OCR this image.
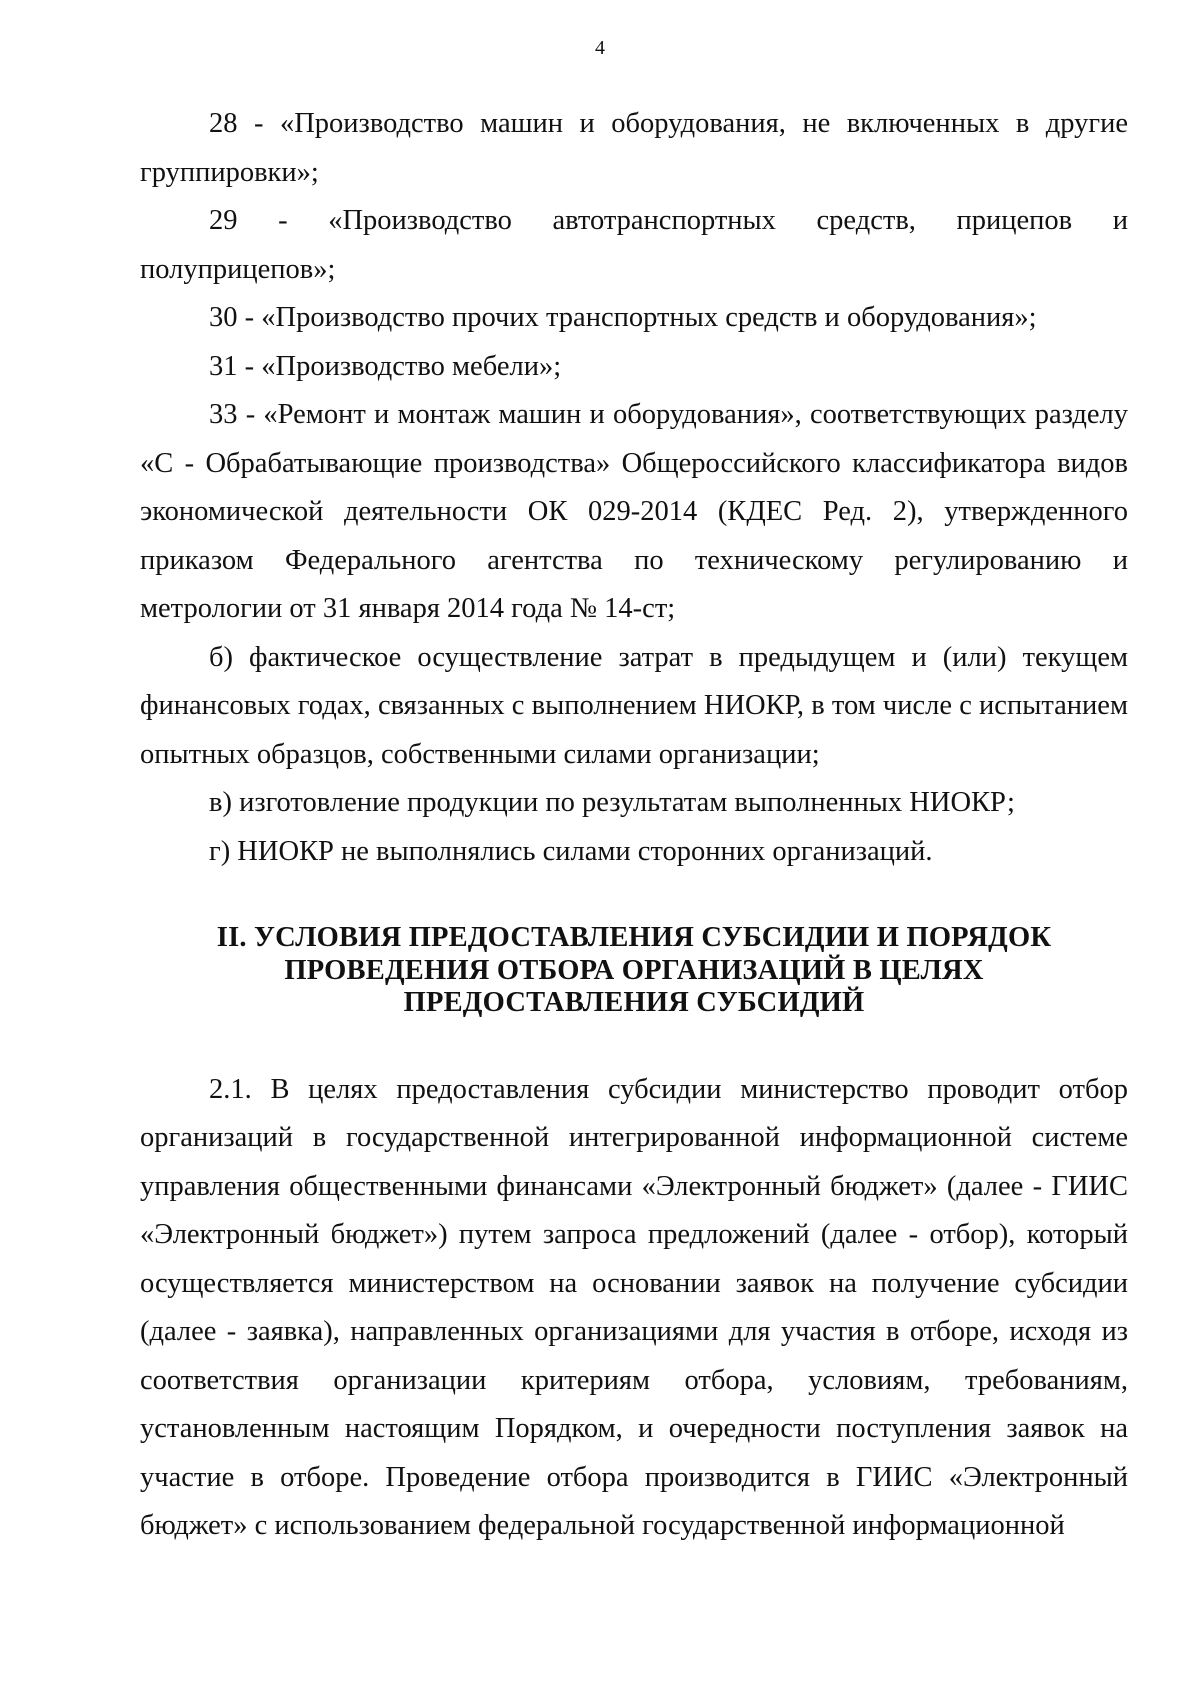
4

28 - «Производство машин и оборудования, не включенных в другие группировки»;

29 - «Производство автотранспортных средств, прицепов и полуприцепов»;

30 - «Производство прочих транспортных средств и оборудования»;

31 - «Производство мебели»;

33 - «Ремонт и монтаж машин и оборудования», соответствующих разделу «С - Обрабатывающие производства» Общероссийского классификатора видов экономической деятельности ОК 029-2014 (КДЕС Ред. 2), утвержденного приказом Федерального агентства по техническому регулированию и метрологии от 31 января 2014 года № 14-ст;

б) фактическое осуществление затрат в предыдущем и (или) текущем финансовых годах, связанных с выполнением НИОКР, в том числе с испытанием опытных образцов, собственными силами организации;

в) изготовление продукции по результатам выполненных НИОКР;

г) НИОКР не выполнялись силами сторонних организаций.

II. УСЛОВИЯ ПРЕДОСТАВЛЕНИЯ СУБСИДИИ И ПОРЯДОК
ПРОВЕДЕНИЯ ОТБОРА ОРГАНИЗАЦИЙ В ЦЕЛЯХ
ПРЕДОСТАВЛЕНИЯ СУБСИДИЙ

2.1. В целях предоставления субсидии министерство проводит отбор организаций в государственной интегрированной информационной системе управления общественными финансами «Электронный бюджет» (далее - ГИИС «Электронный бюджет») путем запроса предложений (далее - отбор), который осуществляется министерством на основании заявок на получение субсидии (далее - заявка), направленных организациями для участия в отборе, исходя из соответствия организации критериям отбора, условиям, требованиям, установленным настоящим Порядком, и очередности поступления заявок на участие в отборе. Проведение отбора производится в ГИИС «Электронный бюджет» с использованием федеральной государственной информационной
